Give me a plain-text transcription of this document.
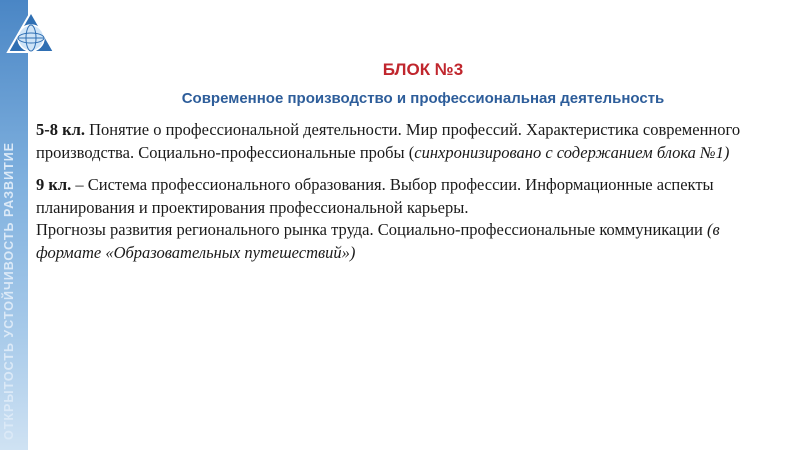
ОТКРЫТОСТЬ УСТОЙЧИВОСТЬ РАЗВИТИЕ
БЛОК №3
Современное производство и профессиональная деятельность

5-8 кл. Понятие о профессиональной деятельности. Мир профессий. Характеристика современного производства. Социально-профессиональные пробы (синхронизировано с содержанием блока №1)

9 кл. – Система профессионального образования. Выбор профессии. Информационные аспекты планирования и проектирования профессиональной карьеры.
Прогнозы развития регионального рынка труда. Социально-профессиональные коммуникации (в формате «Образовательных путешествий»)
